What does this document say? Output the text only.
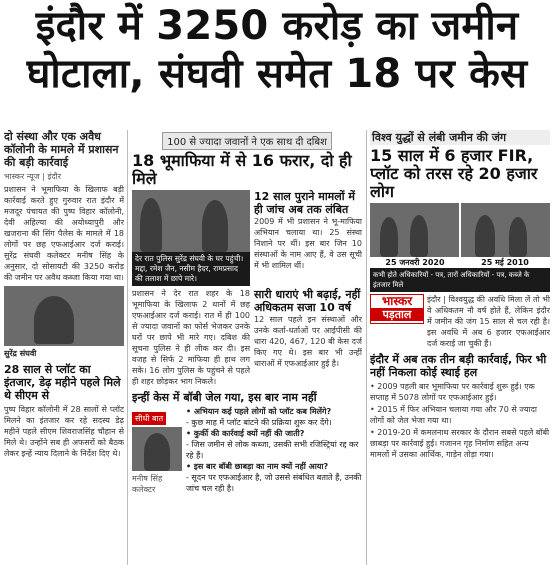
इंदौर में 3250 करोड़ का जमीन
घोटाला, संघवी समेत 18 पर केस
दो संस्था और एक अवैध कॉलोनी के मामले में प्रशासन की बड़ी कार्रवाई
भास्कर न्यूज | इंदौर
प्रशासन ने भूमाफिया के खिलाफ बड़ी कार्रवाई करते हुए गुरुवार रात इंदौर में मजदूर पंचायत की पुष्प विहार कॉलोनी, देवी अहिल्या की अयोध्यापुरी और खजराना की सिंग पैलेस के मामले में 18 लोगों पर छह एफआईआर दर्ज कराई। सुरेंद्र संघवी कलेक्टर मनीष सिंह के अनुसार, दो सोसायटी की 3250 करोड़ की जमीन पर अवैध कब्जा किया गया था।
सुरेंद्र संघवी
28 साल से प्लॉट का इंतजार, डेढ़ महीने पहले मिले थे सीएम से
पुष्प विहार कॉलोनी में 28 सालों से प्लॉट मिलने का इंतजार कर रहे सदस्य डेढ़ महीने पहले सीएम शिवराजसिंह चौहान से मिले थे। उन्होंने सब ही अफसरों को बैठक लेकर इन्हें न्याय दिलाने के निर्देश दिए थे।
100 से ज्यादा जवानों ने एक साथ दी दबिश
18 भूमाफिया में से 16 फरार, दो ही मिले
देर रात पुलिस सुरेंद्र संघवी के घर पहुंची। मद्दा, रमेश जैन, नसीम हैदर, रामप्रसाद की तलाश में छापे मारे।
12 साल पुराने मामलों में ही जांच अब तक लंबित
2009 में भी प्रशासन ने भू-माफिया अभियान चलाया था। 25 संस्था निशाने पर थीं। इस बार जिन 10 संस्थाओं के नाम आए हैं, वे उस सूची में भी शामिल थीं।
प्रशासन ने देर रात शहर के 18 भूमाफिया के खिलाफ 2 थानों में छह एफआईआर दर्ज कराई। रात में ही 100 से ज्यादा जवानों का फोर्स भेजकर उनके घरों पर छापे भी मारे गए। दबिश की सूचना पुलिस ने ही लीक कर दी। इस वजह से सिर्फ 2 माफिया ही हाथ लग सके। 16 लोग पुलिस के पहुंचने से पहले ही शहर छोड़कर भाग निकले।
सारी धाराएं भी बढ़ाई, नहीं अधिकतम सजा 10 वर्ष
12 साल पहले इन संस्थाओं और उनके कर्ता-धर्ताओं पर आईपीसी की धारा 420, 467, 120 बी केस दर्ज किए गए थे। इस बार भी उन्हीं धाराओं में एफआईआर हुई है।
इन्हीं केस में बॉबी जेल गया, इस बार नाम नहीं
सीधी बात
मनीष सिंह कलेक्टर
• अभियान कई पहले लोगों को प्लॉट कब मिलेंगे?
- कुछ माह में प्लॉट बांटने की प्रक्रिया शुरू कर देंगे।
• कुर्की की कार्रवाई क्यों नहीं की जाती?
- जिस जमीन से लोक कब्जा, उसकी सभी रजिस्ट्रियां रद्द कर रहे हैं।
• इस बार बॉबी छाबड़ा का नाम क्यों नहीं आया?
- सूदन पर एफआईआर है, जो उससे संबंधित बताते हैं, उनकी जांच चल रही है।
विश्व युद्धों से लंबी जमीन की जंग
15 साल में 6 हजार FIR, प्लॉट को तरस रहे 20 हजार लोग
25 जनवरी 2020	25 मई 2010
कभी होते अधिकारियों - पत्र, तारों अधिकारियों - पत्र, कब्जे के इंतजार मिले
भास्कर
पड़ताल
इंदौर | विश्वयुद्ध की अवधि मिला लें तो भी वे अधिकतम नौ वर्ष होते हैं, लेकिन इंदौर में जमीन की जंग 15 साल से चल रही है। इस अवधि में अब 6 हजार एफआईआर दर्ज कराई जा चुकी हैं।
इंदौर में अब तक तीन बड़ी कार्रवाई, फिर भी नहीं निकला कोई स्थाई हल
• 2009 पहली बार भूमाफिया पर कार्रवाई शुरू हुई। एक सप्ताह में 5078 लोगों पर एफआईआर हुई।
• 2015 में फिर अभियान चलाया गया और 70 से ज्यादा लोगों को जेल भेजा गया था।
• 2019-20 में कमलनाथ सरकार के दौरान सबसे पहले बॉबी छाबड़ा पर कार्रवाई हुई। गजानन गृह निर्माण सहित अन्य मामलों में उसका आर्थिक, गाड़ेन तोड़ा गया।
